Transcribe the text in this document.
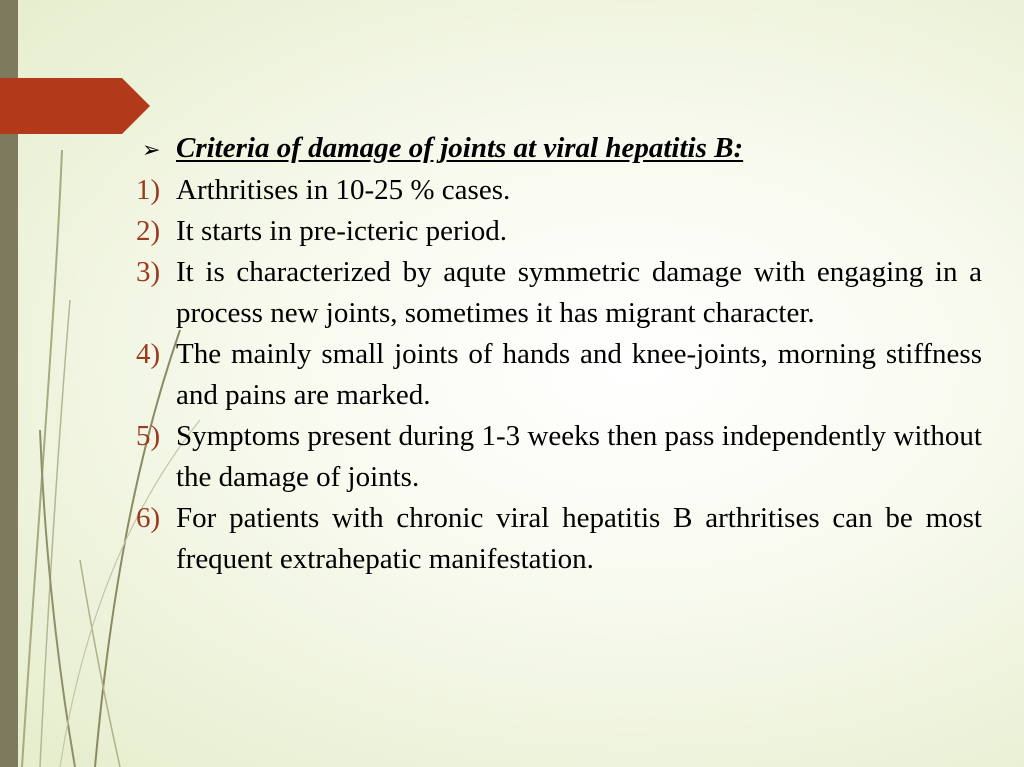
➢ Criteria of damage of joints at viral hepatitis B:
1) Arthritises in 10-25 % cases.
2) It starts in pre-icteric period.
3) It is characterized by aqute symmetric damage with engaging in a process new joints, sometimes it has migrant character.
4) The mainly small joints of hands and knee-joints, morning stiffness and pains are marked.
5) Symptoms present during 1-3 weeks then pass independently without the damage of joints.
6) For patients with chronic viral hepatitis B arthritises can be most frequent extrahepatic manifestation.
